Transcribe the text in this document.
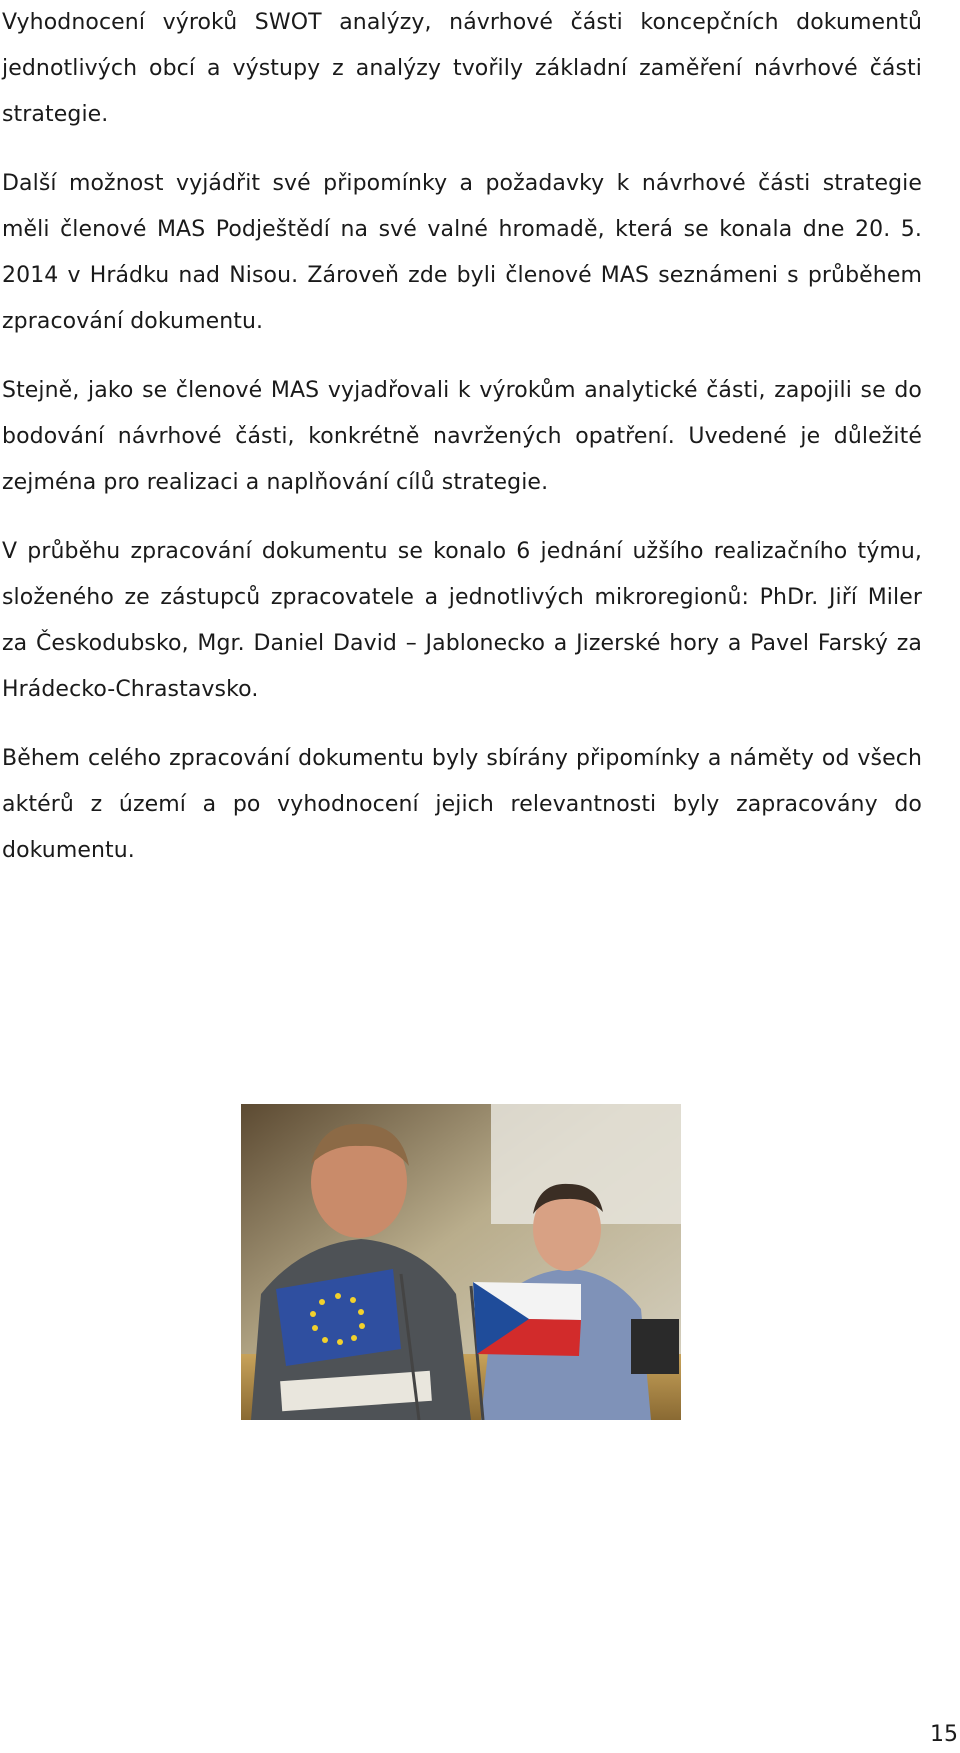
Vyhodnocení výroků SWOT analýzy, návrhové části koncepčních dokumentů jednotlivých obcí a výstupy z analýzy tvořily základní zaměření návrhové části strategie.

Další možnost vyjádřit své připomínky a požadavky k návrhové části strategie měli členové MAS Podještědí na své valné hromadě, která se konala dne 20. 5. 2014 v Hrádku nad Nisou. Zároveň zde byli členové MAS seznámeni s průběhem zpracování dokumentu.

Stejně, jako se členové MAS vyjadřovali k výrokům analytické části, zapojili se do bodování návrhové části, konkrétně navržených opatření. Uvedené je důležité zejména pro realizaci a naplňování cílů strategie.

V průběhu zpracování dokumentu se konalo 6 jednání užšího realizačního týmu, složeného ze zástupců zpracovatele a jednotlivých mikroregionů: PhDr. Jiří Miler za Českodubsko, Mgr. Daniel David – Jablonecko a Jizerské hory a Pavel Farský za Hrádecko-Chrastavsko.

Během celého zpracování dokumentu byly sbírány připomínky a náměty od všech aktérů z území a po vyhodnocení jejich relevantnosti byly zapracovány do dokumentu.

15
